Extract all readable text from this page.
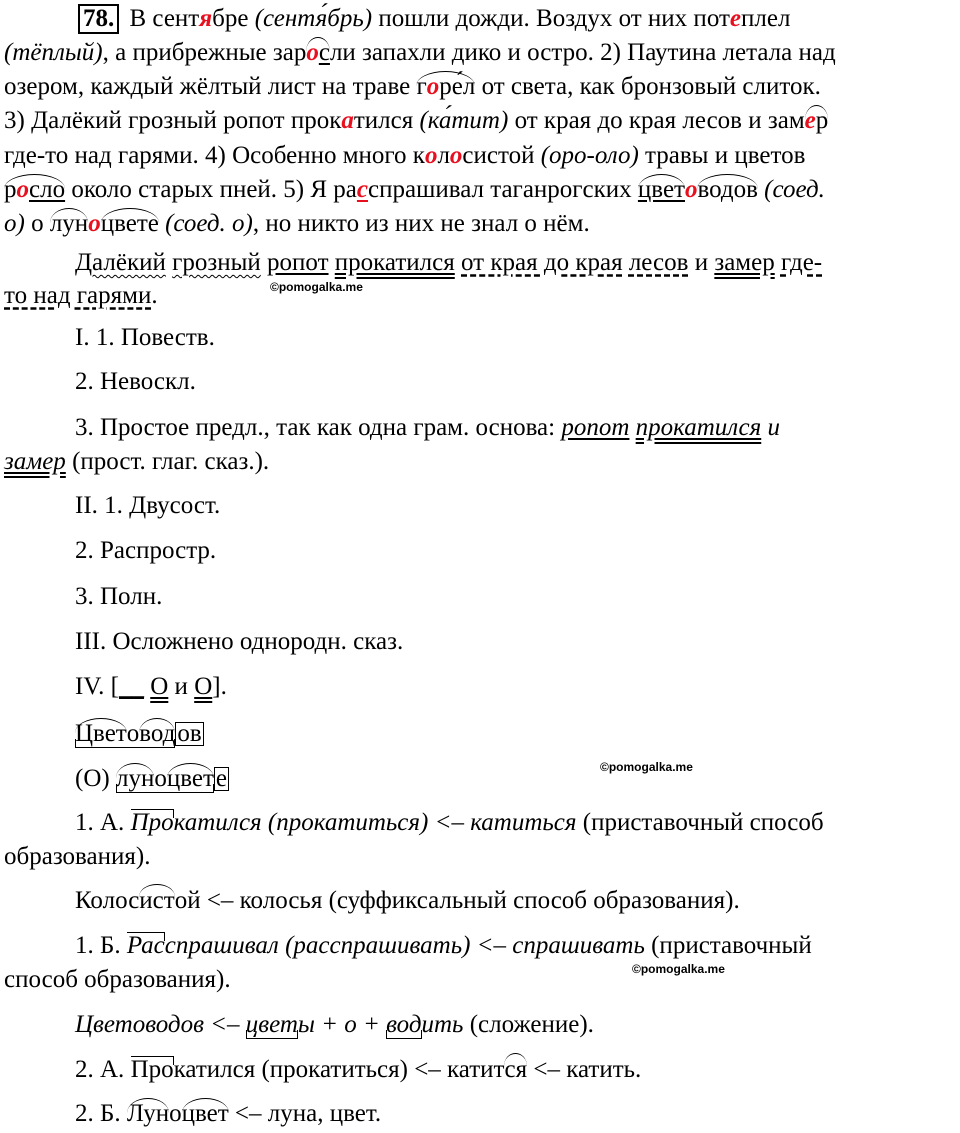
78. В сентябре (сентя́брь) пошли дожди. Воздух от них потеплел
(тёплый), а прибрежные заросли запахли дико и остро. 2) Паутина летала над
озером, каждый жёлтый лист на траве горе́л от света, как бронзовый слиток.
3) Далёкий грозный ропот прокатился (ка́тит) от края до края лесов и замер
где-то над гарями. 4) Особенно много колосистой (оро-оло) травы и цветов
росло около старых пней. 5) Я расспрашивал таганрогских цветоводов (соед.
о) о луноцвете (соед. о), но никто из них не знал о нём.
Далёкий грозный ропот прокатился от края до края лесов и замер где-
то над гарями.	©pomogalka.me
I. 1. Повеств.
2. Невоскл.
3. Простое предл., так как одна грам. основа: ропот прокатился и
замер (прост. глаг. сказ.).
II. 1. Двусост.
2. Распростр.
3. Полн.
III. Осложнено однородн. сказ.
IV. [__ О и О].
Цветоводов
(О) луноцвете	©pomogalka.me
1. А. Прокатился (прокатиться) <– катиться (приставочный способ
образования).
Колосистой <– колосья (суффиксальный способ образования).
1. Б. Расспрашивал (расспрашивать) <– спрашивать (приставочный
способ образования).	©pomogalka.me
Цветоводов <– цветы + о + водить (сложение).
2. А. Прокатился (прокатиться) <– катится <– катить.
2. Б. Луноцвет <– луна, цвет.
